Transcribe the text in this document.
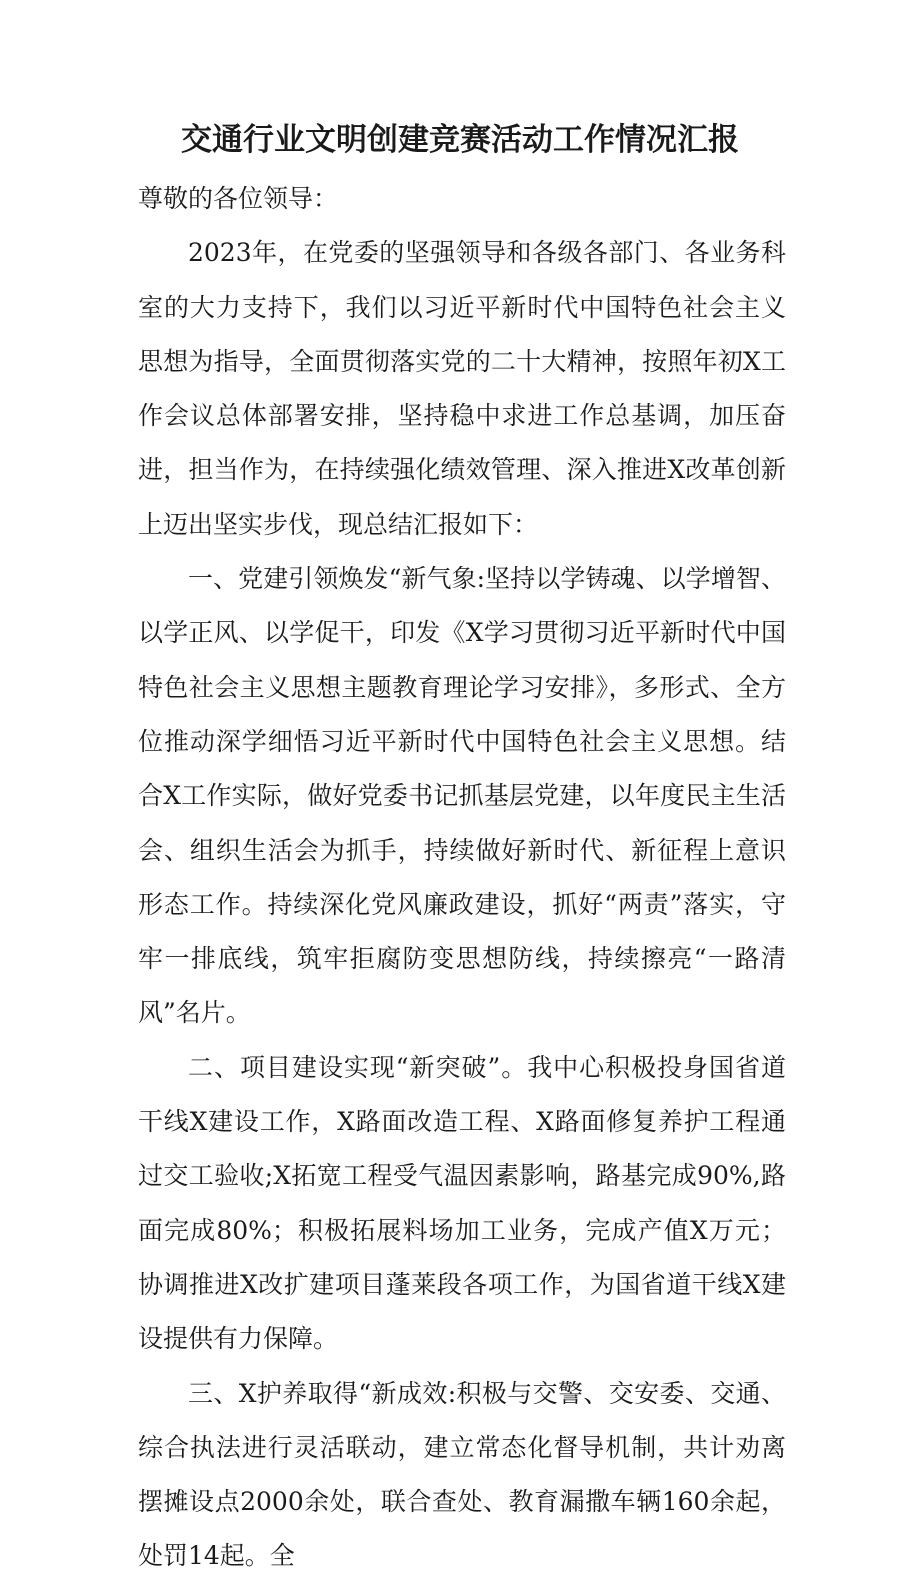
交通行业文明创建竞赛活动工作情况汇报

尊敬的各位领导：

2023年，在党委的坚强领导和各级各部门、各业务科室的大力支持下，我们以习近平新时代中国特色社会主义思想为指导，全面贯彻落实党的二十大精神，按照年初X工作会议总体部署安排，坚持稳中求进工作总基调，加压奋进，担当作为，在持续强化绩效管理、深入推进X改革创新上迈出坚实步伐，现总结汇报如下：

一、党建引领焕发“新气象:坚持以学铸魂、以学增智、以学正风、以学促干，印发《X学习贯彻习近平新时代中国特色社会主义思想主题教育理论学习安排》，多形式、全方位推动深学细悟习近平新时代中国特色社会主义思想。结合X工作实际，做好党委书记抓基层党建，以年度民主生活会、组织生活会为抓手，持续做好新时代、新征程上意识形态工作。持续深化党风廉政建设，抓好“两责”落实，守牢一排底线，筑牢拒腐防变思想防线，持续擦亮“一路清风”名片。

二、项目建设实现“新突破”。我中心积极投身国省道干线X建设工作，X路面改造工程、X路面修复养护工程通过交工验收;X拓宽工程受气温因素影响，路基完成90%,路面完成80%；积极拓展料场加工业务，完成产值X万元；协调推进X改扩建项目蓬莱段各项工作，为国省道干线X建设提供有力保障。

三、X护养取得“新成效:积极与交警、交安委、交通、综合执法进行灵活联动，建立常态化督导机制，共计劝离摆摊设点2000余处，联合查处、教育漏撒车辆160余起，处罚14起。全
